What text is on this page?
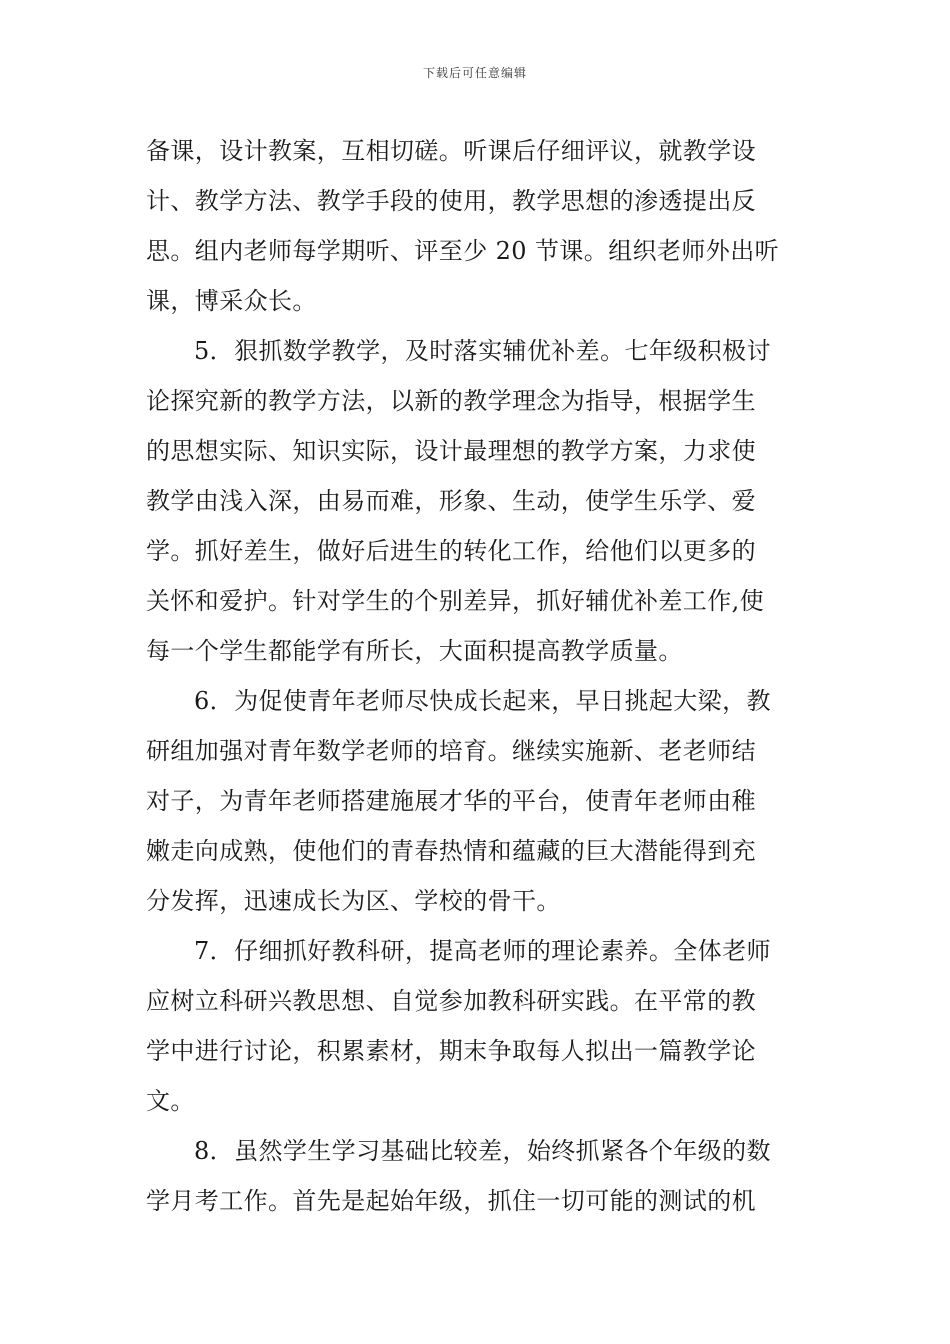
下载后可任意编辑
备课，设计教案，互相切磋。听课后仔细评议，就教学设
计、教学方法、教学手段的使用，教学思想的渗透提出反
思。组内老师每学期听、评至少 20 节课。组织老师外出听
课，博采众长。
5．狠抓数学教学，及时落实辅优补差。七年级积极讨
论探究新的教学方法，以新的教学理念为指导，根据学生
的思想实际、知识实际，设计最理想的教学方案，力求使
教学由浅入深，由易而难，形象、生动，使学生乐学、爱
学。抓好差生，做好后进生的转化工作，给他们以更多的
关怀和爱护。针对学生的个别差异，抓好辅优补差工作,使
每一个学生都能学有所长，大面积提高教学质量。
6．为促使青年老师尽快成长起来，早日挑起大梁，教
研组加强对青年数学老师的培育。继续实施新、老老师结
对子，为青年老师搭建施展才华的平台，使青年老师由稚
嫩走向成熟，使他们的青春热情和蕴藏的巨大潜能得到充
分发挥，迅速成长为区、学校的骨干。
7．仔细抓好教科研，提高老师的理论素养。全体老师
应树立科研兴教思想、自觉参加教科研实践。在平常的教
学中进行讨论，积累素材，期末争取每人拟出一篇教学论
文。
8．虽然学生学习基础比较差，始终抓紧各个年级的数
学月考工作。首先是起始年级，抓住一切可能的测试的机
